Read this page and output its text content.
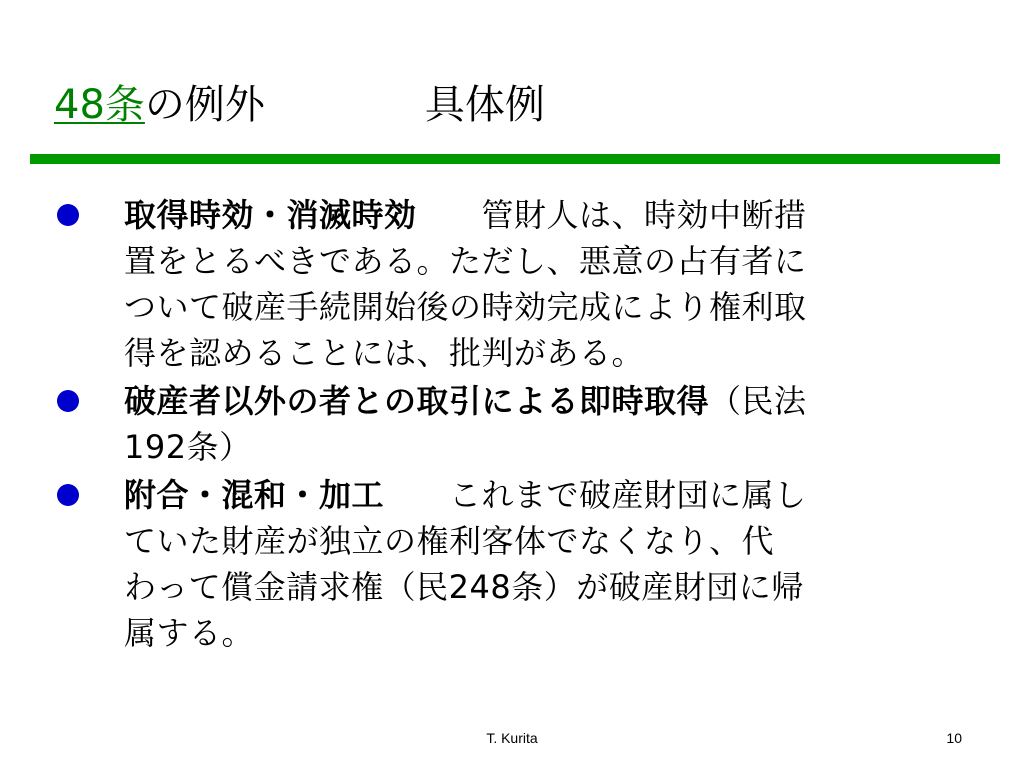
48条の例外　　　　具体例
取得時効・消滅時効　　管財人は、時効中断措
置をとるべきである。ただし、悪意の占有者に
ついて破産手続開始後の時効完成により権利取
得を認めることには、批判がある。
破産者以外の者との取引による即時取得（民法
192条）
附合・混和・加工　　これまで破産財団に属し
ていた財産が独立の権利客体でなくなり、代
わって償金請求権（民248条）が破産財団に帰
属する。
T. Kurita	10
